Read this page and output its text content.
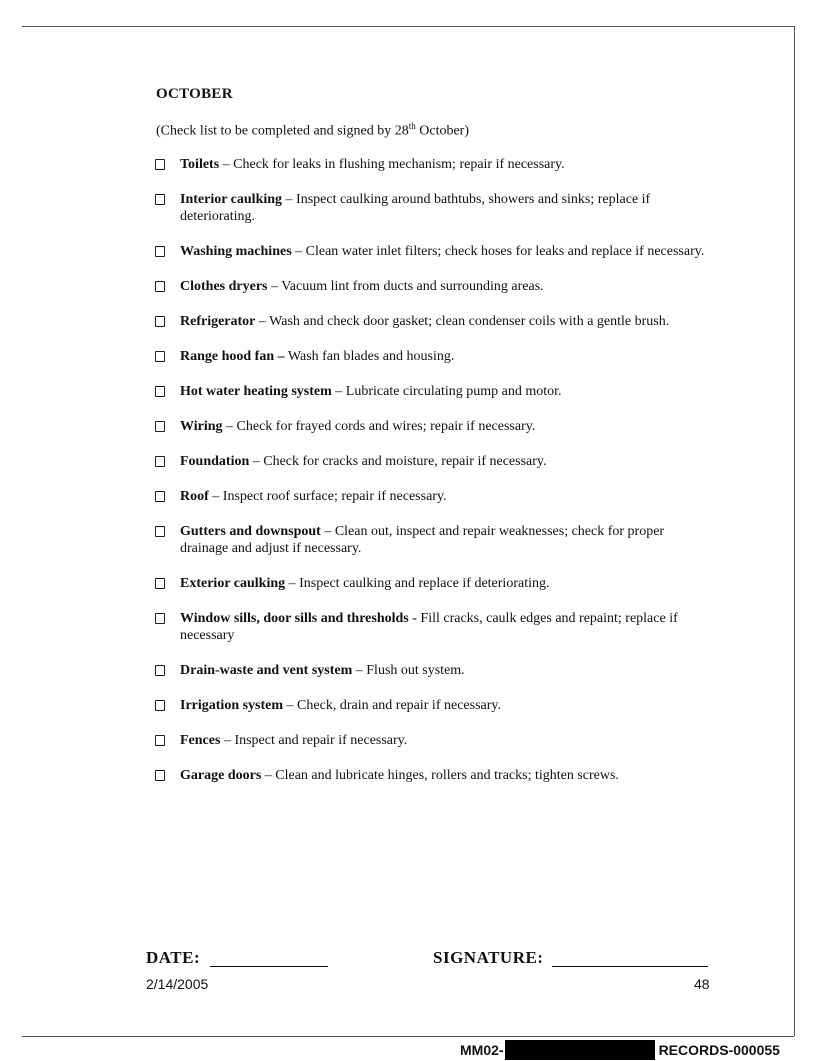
OCTOBER
(Check list to be completed and signed by 28th October)
Toilets – Check for leaks in flushing mechanism; repair if necessary.
Interior caulking – Inspect caulking around bathtubs, showers and sinks; replace if deteriorating.
Washing machines – Clean water inlet filters; check hoses for leaks and replace if necessary.
Clothes dryers – Vacuum lint from ducts and surrounding areas.
Refrigerator – Wash and check door gasket; clean condenser coils with a gentle brush.
Range hood fan – Wash fan blades and housing.
Hot water heating system – Lubricate circulating pump and motor.
Wiring – Check for frayed cords and wires; repair if necessary.
Foundation – Check for cracks and moisture, repair if necessary.
Roof – Inspect roof surface; repair if necessary.
Gutters and downspout – Clean out, inspect and repair weaknesses; check for proper drainage and adjust if necessary.
Exterior caulking – Inspect caulking and replace if deteriorating.
Window sills, door sills and thresholds - Fill cracks, caulk edges and repaint; replace if necessary
Drain-waste and vent system – Flush out system.
Irrigation system – Check, drain and repair if necessary.
Fences – Inspect and repair if necessary.
Garage doors – Clean and lubricate hinges, rollers and tracks; tighten screws.
DATE:	SIGNATURE:
2/14/2005	48
MM02-	RECORDS-000055
